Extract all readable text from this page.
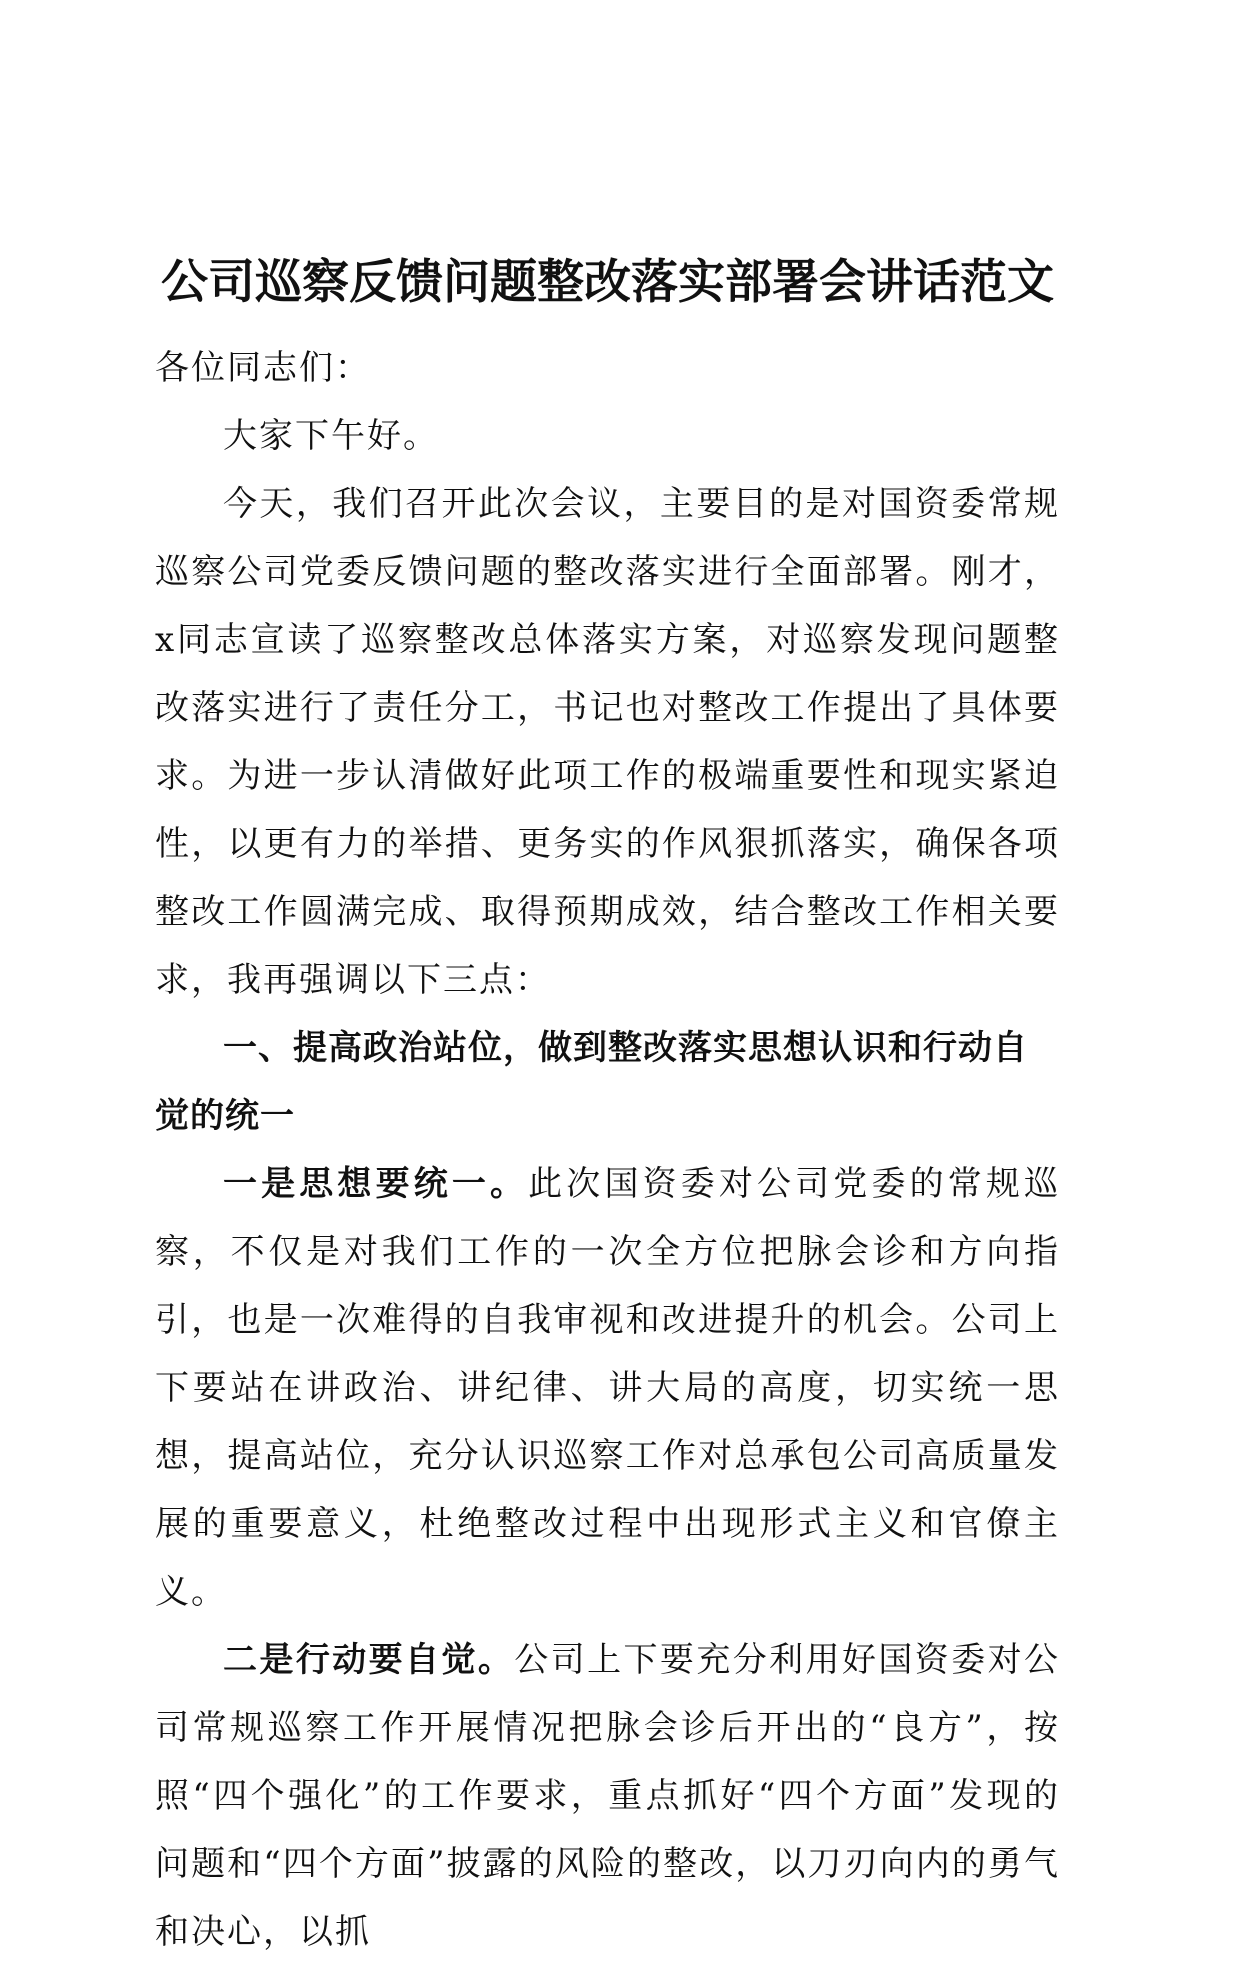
公司巡察反馈问题整改落实部署会讲话范文

各位同志们：

大家下午好。

今天，我们召开此次会议，主要目的是对国资委常规巡察公司党委反馈问题的整改落实进行全面部署。刚才，x同志宣读了巡察整改总体落实方案，对巡察发现问题整改落实进行了责任分工，书记也对整改工作提出了具体要求。为进一步认清做好此项工作的极端重要性和现实紧迫性，以更有力的举措、更务实的作风狠抓落实，确保各项整改工作圆满完成、取得预期成效，结合整改工作相关要求，我再强调以下三点：

一、提高政治站位，做到整改落实思想认识和行动自觉的统一

一是思想要统一。此次国资委对公司党委的常规巡察，不仅是对我们工作的一次全方位把脉会诊和方向指引，也是一次难得的自我审视和改进提升的机会。公司上下要站在讲政治、讲纪律、讲大局的高度，切实统一思想，提高站位，充分认识巡察工作对总承包公司高质量发展的重要意义，杜绝整改过程中出现形式主义和官僚主义。

二是行动要自觉。公司上下要充分利用好国资委对公司常规巡察工作开展情况把脉会诊后开出的“良方”，按照“四个强化”的工作要求，重点抓好“四个方面”发现的问题和“四个方面”披露的风险的整改，以刀刃向内的勇气和决心，以抓
